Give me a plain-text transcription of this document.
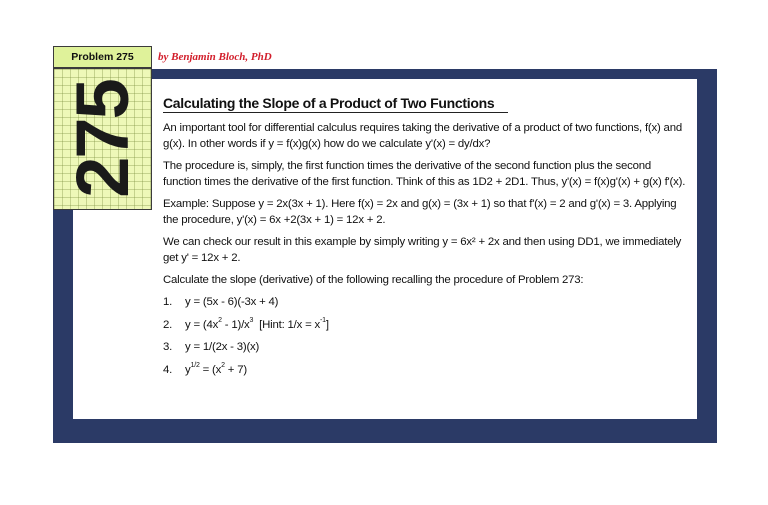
Problem 275	by Benjamin Bloch, PhD
275 Calculating the Slope of a Product of Two Functions

An important tool for differential calculus requires taking the derivative of a product of two functions, f(x) and g(x). In other words if y = f(x)g(x) how do we calculate y'(x) = dy/dx?

The procedure is, simply, the first function times the derivative of the second function plus the second function times the derivative of the first function. Think of this as 1D2 + 2D1. Thus, y'(x) = f(x)g'(x) + g(x) f'(x).

Example: Suppose y = 2x(3x + 1). Here f(x) = 2x and g(x) = (3x + 1) so that f'(x) = 2 and g'(x) = 3. Applying the procedure, y'(x) = 6x +2(3x + 1) = 12x + 2.

We can check our result in this example by simply writing y = 6x² + 2x and then using DD1, we immediately get y' = 12x + 2.

Calculate the slope (derivative) of the following recalling the procedure of Problem 273:

1.	y = (5x - 6)(-3x + 4)
2.	$y = (4x^2 - 1)/x^3$  [Hint: $1/x = x^{-1}$]
3.	y = 1/(2x - 3)(x)
4.	$y^{1/2} = (x^2 + 7)$
